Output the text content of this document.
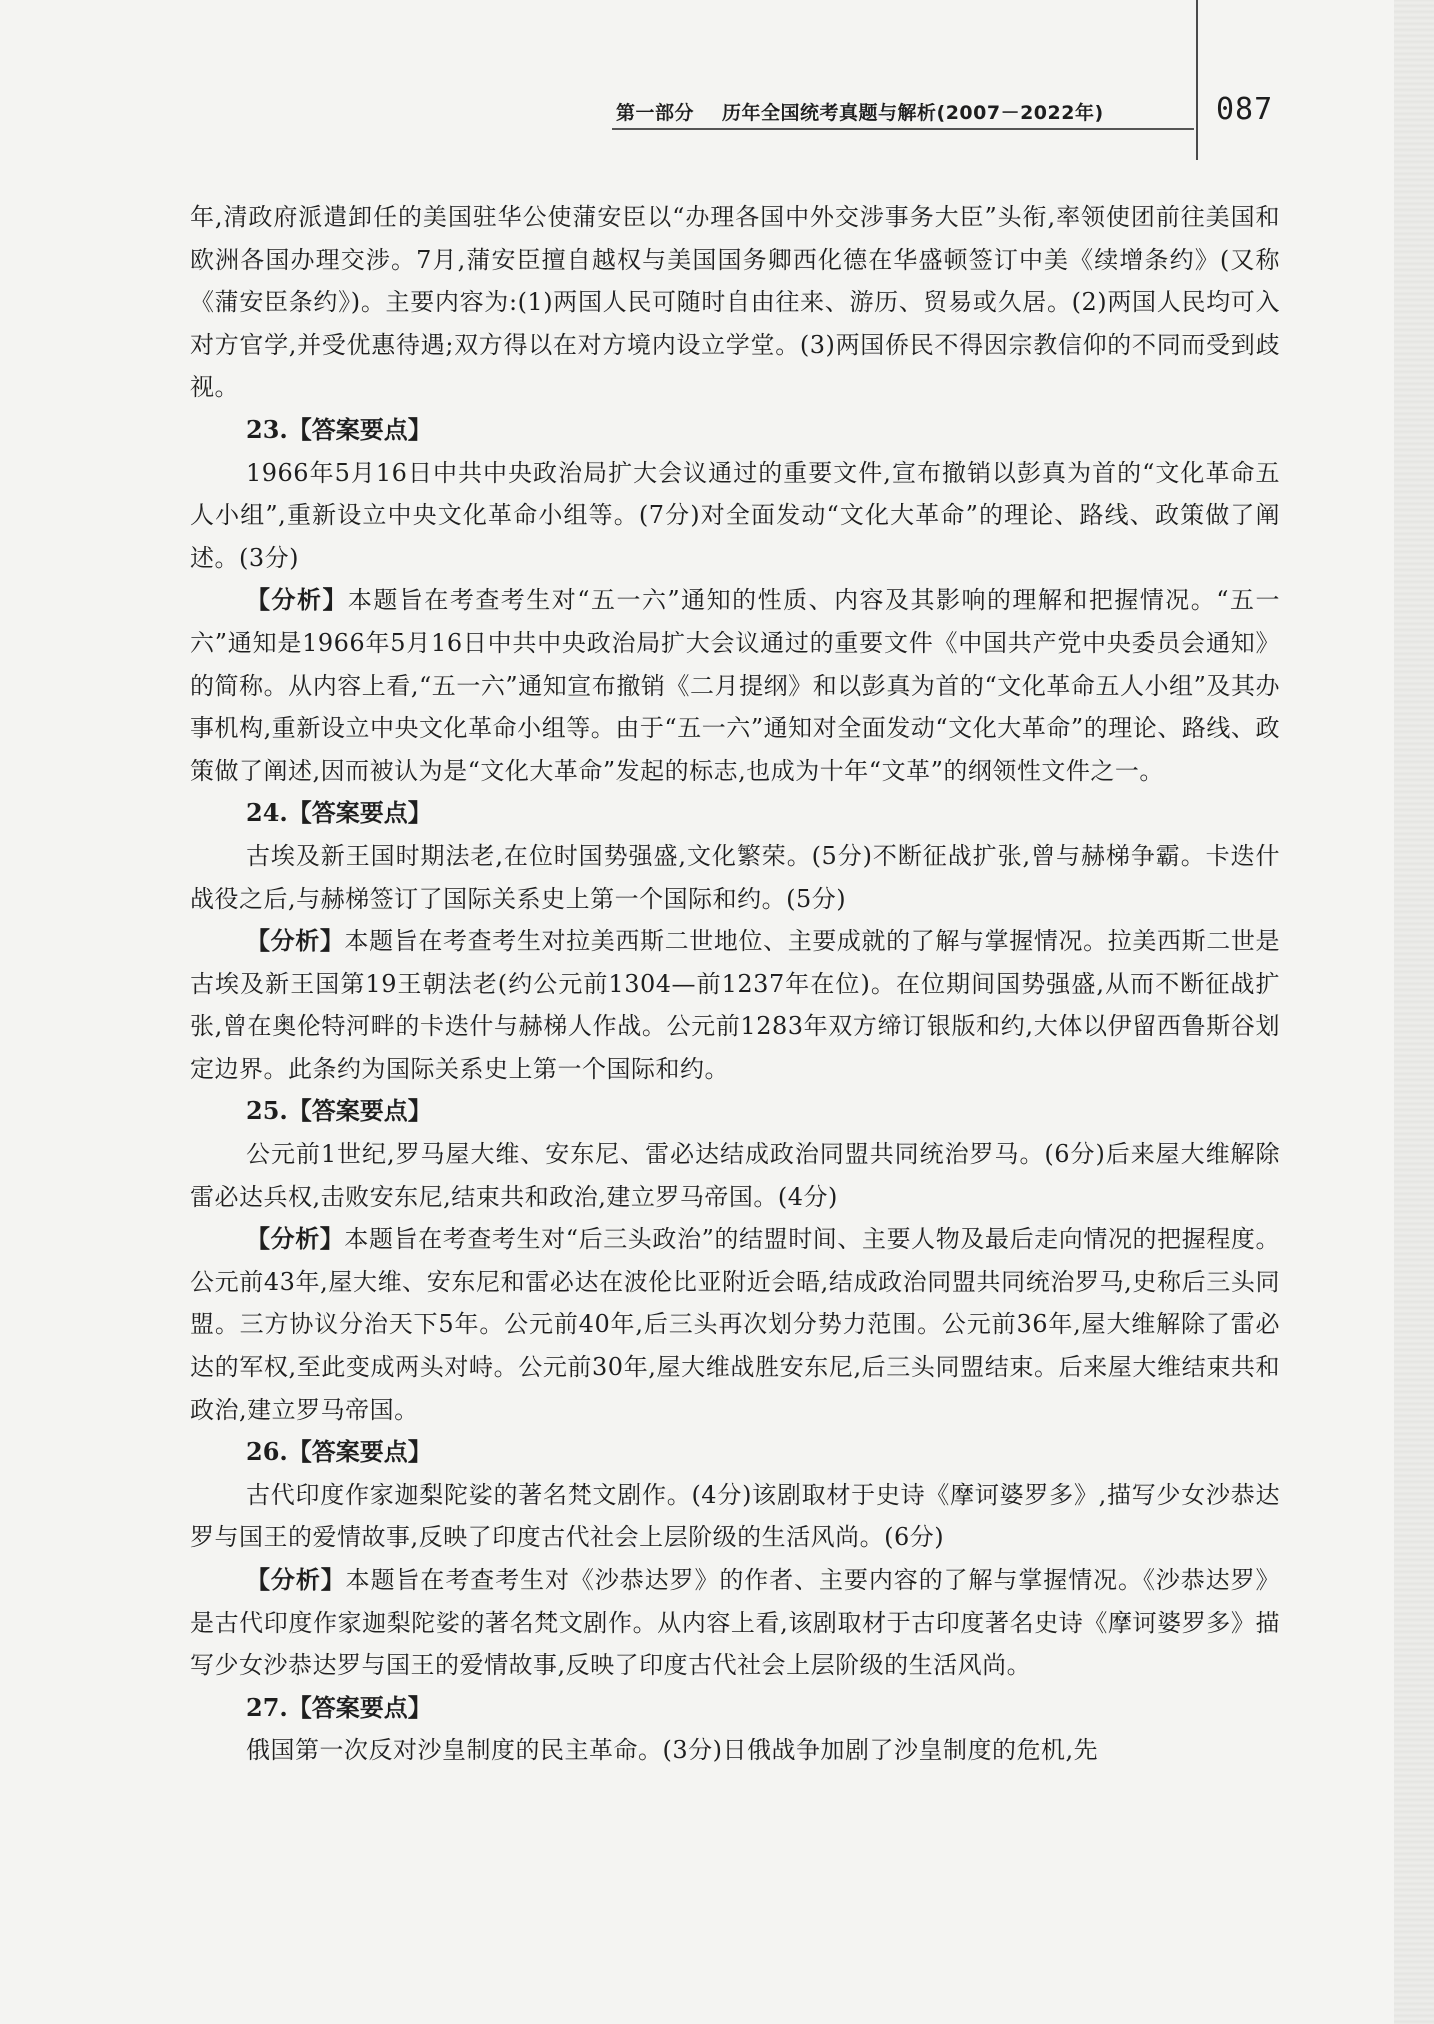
第一部分 历年全国统考真题与解析(2007－2022年)	087

年,清政府派遣卸任的美国驻华公使蒲安臣以“办理各国中外交涉事务大臣”头衔,率领使团前往美国和欧洲各国办理交涉。7月,蒲安臣擅自越权与美国国务卿西化德在华盛顿签订中美《续增条约》(又称《蒲安臣条约》)。主要内容为:(1)两国人民可随时自由往来、游历、贸易或久居。(2)两国人民均可入对方官学,并受优惠待遇;双方得以在对方境内设立学堂。(3)两国侨民不得因宗教信仰的不同而受到歧视。

23.【答案要点】

1966年5月16日中共中央政治局扩大会议通过的重要文件,宣布撤销以彭真为首的“文化革命五人小组”,重新设立中央文化革命小组等。(7分)对全面发动“文化大革命”的理论、路线、政策做了阐述。(3分)

【分析】本题旨在考查考生对“五一六”通知的性质、内容及其影响的理解和把握情况。“五一六”通知是1966年5月16日中共中央政治局扩大会议通过的重要文件《中国共产党中央委员会通知》的简称。从内容上看,“五一六”通知宣布撤销《二月提纲》和以彭真为首的“文化革命五人小组”及其办事机构,重新设立中央文化革命小组等。由于“五一六”通知对全面发动“文化大革命”的理论、路线、政策做了阐述,因而被认为是“文化大革命”发起的标志,也成为十年“文革”的纲领性文件之一。

24.【答案要点】

古埃及新王国时期法老,在位时国势强盛,文化繁荣。(5分)不断征战扩张,曾与赫梯争霸。卡迭什战役之后,与赫梯签订了国际关系史上第一个国际和约。(5分)

【分析】本题旨在考查考生对拉美西斯二世地位、主要成就的了解与掌握情况。拉美西斯二世是古埃及新王国第19王朝法老(约公元前1304—前1237年在位)。在位期间国势强盛,从而不断征战扩张,曾在奥伦特河畔的卡迭什与赫梯人作战。公元前1283年双方缔订银版和约,大体以伊留西鲁斯谷划定边界。此条约为国际关系史上第一个国际和约。

25.【答案要点】

公元前1世纪,罗马屋大维、安东尼、雷必达结成政治同盟共同统治罗马。(6分)后来屋大维解除雷必达兵权,击败安东尼,结束共和政治,建立罗马帝国。(4分)

【分析】本题旨在考查考生对“后三头政治”的结盟时间、主要人物及最后走向情况的把握程度。公元前43年,屋大维、安东尼和雷必达在波伦比亚附近会晤,结成政治同盟共同统治罗马,史称后三头同盟。三方协议分治天下5年。公元前40年,后三头再次划分势力范围。公元前36年,屋大维解除了雷必达的军权,至此变成两头对峙。公元前30年,屋大维战胜安东尼,后三头同盟结束。后来屋大维结束共和政治,建立罗马帝国。

26.【答案要点】

古代印度作家迦梨陀娑的著名梵文剧作。(4分)该剧取材于史诗《摩诃婆罗多》,描写少女沙恭达罗与国王的爱情故事,反映了印度古代社会上层阶级的生活风尚。(6分)

【分析】本题旨在考查考生对《沙恭达罗》的作者、主要内容的了解与掌握情况。《沙恭达罗》是古代印度作家迦梨陀娑的著名梵文剧作。从内容上看,该剧取材于古印度著名史诗《摩诃婆罗多》描写少女沙恭达罗与国王的爱情故事,反映了印度古代社会上层阶级的生活风尚。

27.【答案要点】

俄国第一次反对沙皇制度的民主革命。(3分)日俄战争加剧了沙皇制度的危机,先
